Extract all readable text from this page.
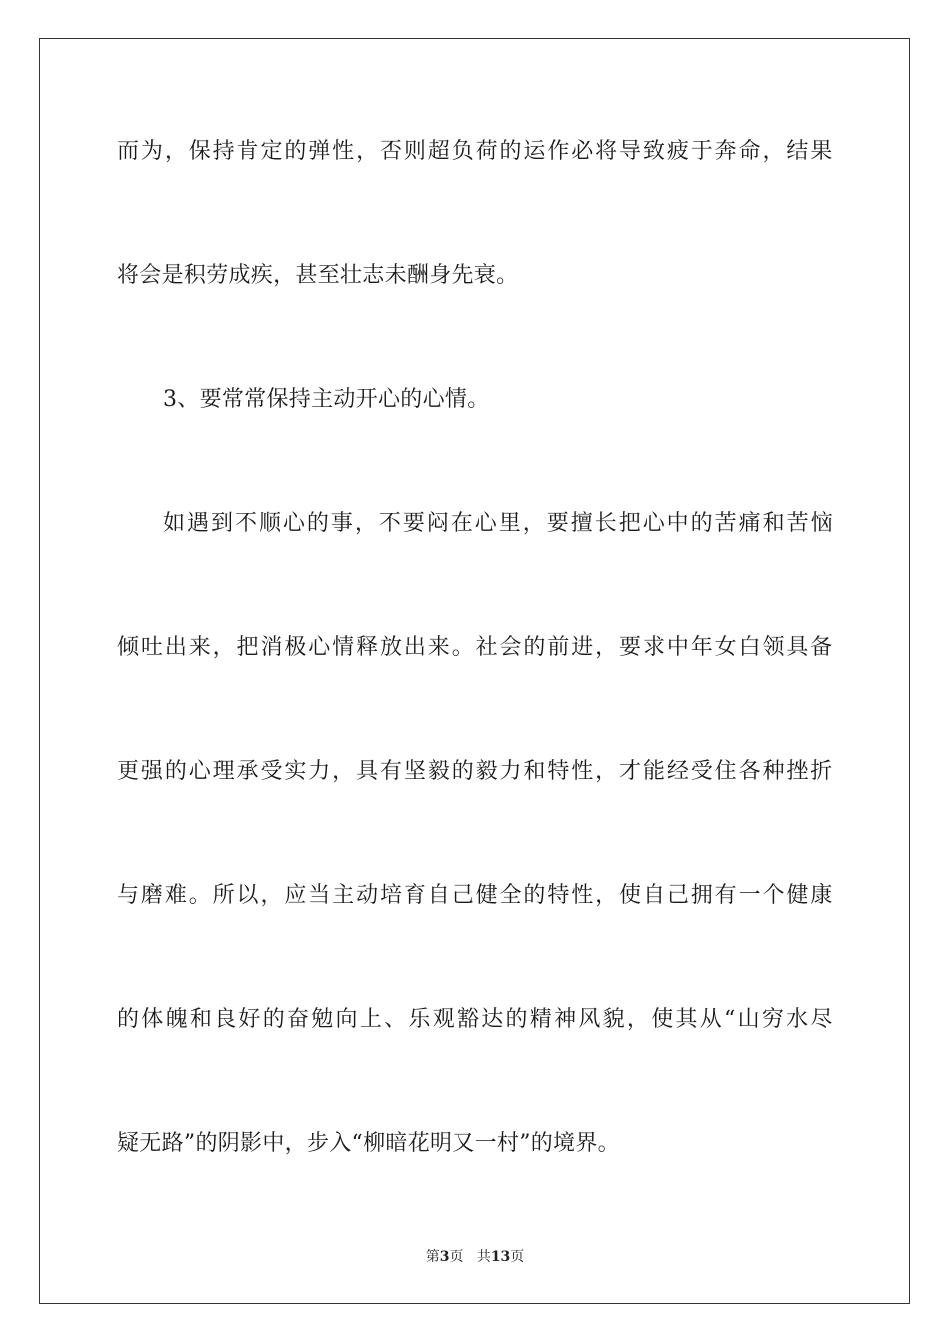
而 为 ， 保 持 肯 定 的 弹 性 ， 否 则 超 负 荷 的 运 作 必 将 导 致 疲 于 奔 命 ， 结 果
将会是积劳成疾，甚至壮志未酬身先衰。
3、要常常保持主动开心的心情。
如 遇 到 不 顺 心 的 事 ， 不 要 闷 在 心 里 ， 要 擅 长 把 心 中 的 苦 痛 和 苦 恼
倾 吐 出 来 ， 把 消 极 心 情 释 放 出 来 。 社 会 的 前 进 ， 要 求 中 年 女 白 领 具 备
更 强 的 心 理 承 受 实 力 ， 具 有 坚 毅 的 毅 力 和 特 性 ， 才 能 经 受 住 各 种 挫 折
与 磨 难 。 所 以 ， 应 当 主 动 培 育 自 己 健 全 的 特 性 ， 使 自 己 拥 有 一 个 健 康
的 体 魄 和 良 好 的 奋 勉 向 上 、 乐 观 豁 达 的 精 神 风 貌 ， 使 其 从 “ 山 穷 水 尽
疑无路”的阴影中，步入“柳暗花明又一村”的境界。
第3页 共13页
